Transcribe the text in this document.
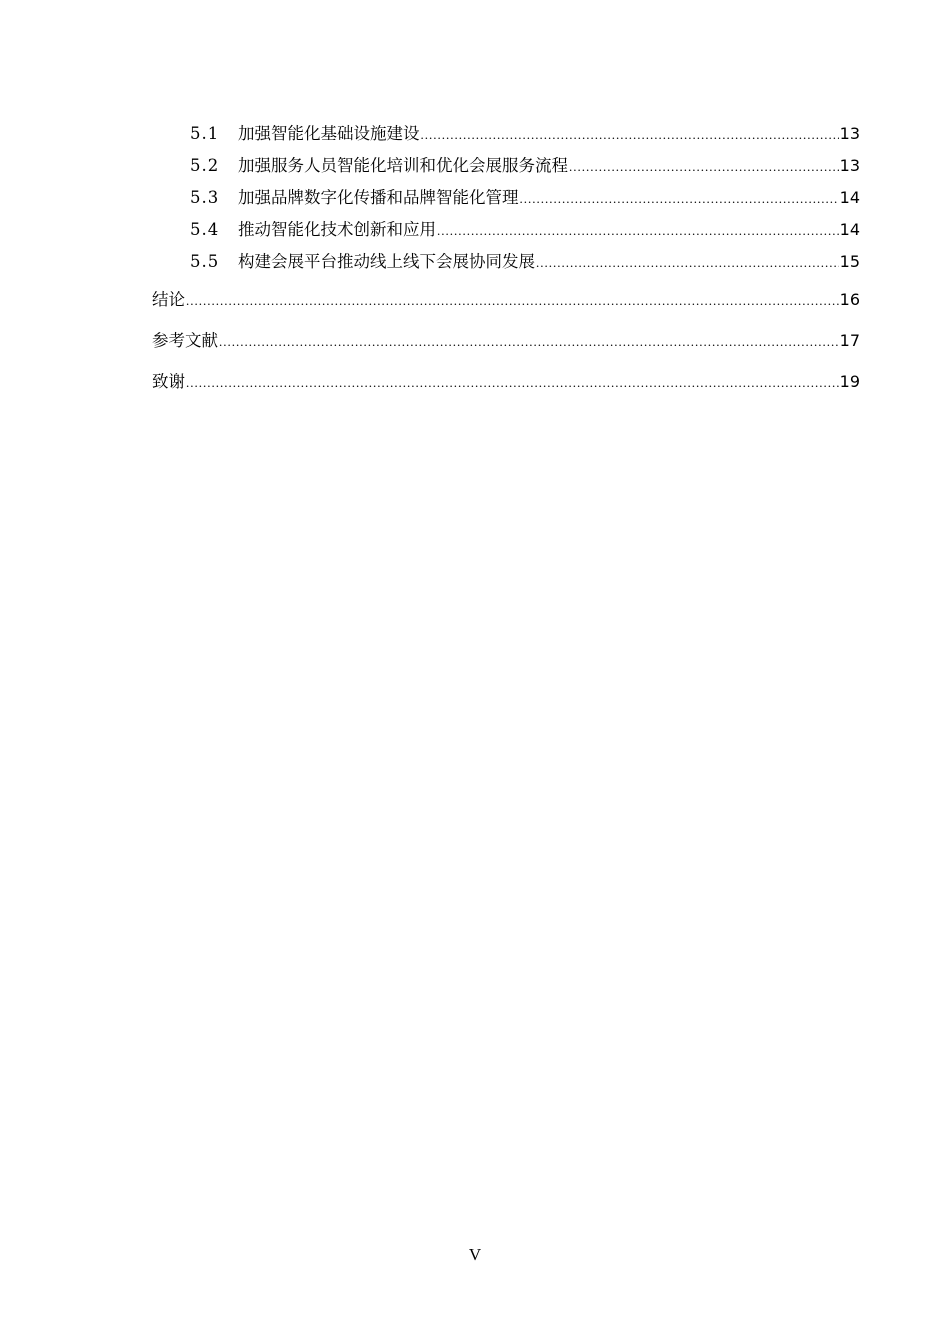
5.1	加强智能化基础设施建设 .....	13
5.2	加强服务人员智能化培训和优化会展服务流程 .....	13
5.3	加强品牌数字化传播和品牌智能化管理 .....	14
5.4	推动智能化技术创新和应用 .....	14
5.5	构建会展平台推动线上线下会展协同发展 .....	15
结论 .....	16
参考文献 .....	17
致谢 .....	19
V
